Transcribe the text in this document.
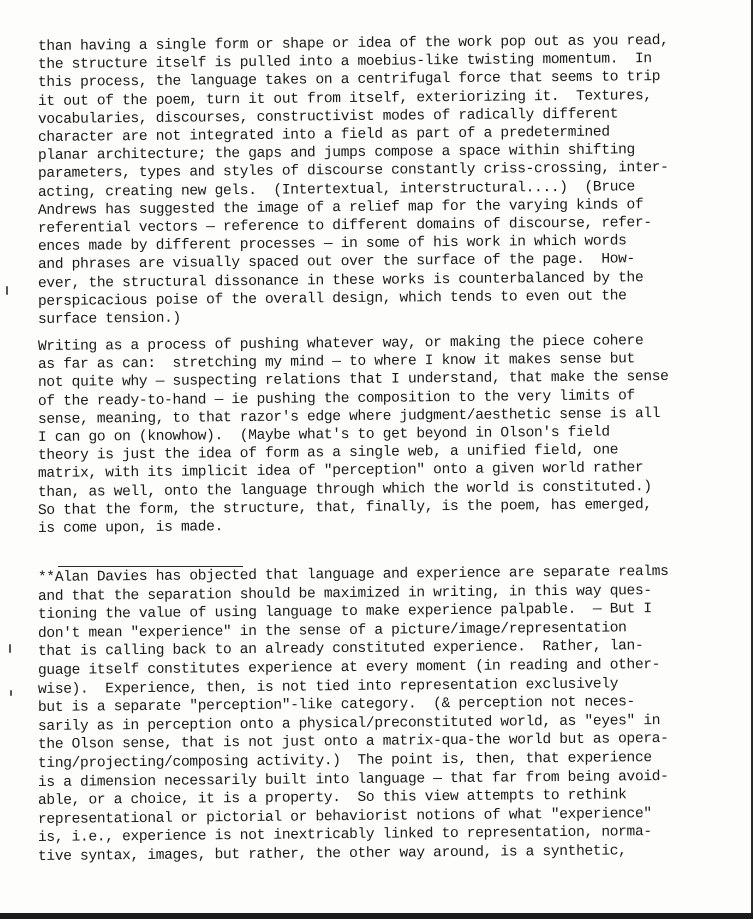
than having a single form or shape or idea of the work pop out as you read,
the structure itself is pulled into a moebius-like twisting momentum.  In
this process, the language takes on a centrifugal force that seems to trip
it out of the poem, turn it out from itself, exteriorizing it.  Textures,
vocabularies, discourses, constructivist modes of radically different
character are not integrated into a field as part of a predetermined
planar architecture; the gaps and jumps compose a space within shifting
parameters, types and styles of discourse constantly criss-crossing, inter-
acting, creating new gels.  (Intertextual, interstructural....)  (Bruce
Andrews has suggested the image of a relief map for the varying kinds of
referential vectors — reference to different domains of discourse, refer-
ences made by different processes — in some of his work in which words
and phrases are visually spaced out over the surface of the page.  How-
ever, the structural dissonance in these works is counterbalanced by the
perspicacious poise of the overall design, which tends to even out the
surface tension.)
Writing as a process of pushing whatever way, or making the piece cohere
as far as can:  stretching my mind — to where I know it makes sense but
not quite why — suspecting relations that I understand, that make the sense
of the ready-to-hand — ie pushing the composition to the very limits of
sense, meaning, to that razor's edge where judgment/aesthetic sense is all
I can go on (knowhow).  (Maybe what's to get beyond in Olson's field
theory is just the idea of form as a single web, a unified field, one
matrix, with its implicit idea of "perception" onto a given world rather
than, as well, onto the language through which the world is constituted.)
So that the form, the structure, that, finally, is the poem, has emerged,
is come upon, is made.
**Alan Davies has objected that language and experience are separate realms
and that the separation should be maximized in writing, in this way ques-
tioning the value of using language to make experience palpable.  — But I
don't mean "experience" in the sense of a picture/image/representation
that is calling back to an already constituted experience.  Rather, lan-
guage itself constitutes experience at every moment (in reading and other-
wise).  Experience, then, is not tied into representation exclusively
but is a separate "perception"-like category.  (& perception not neces-
sarily as in perception onto a physical/preconstituted world, as "eyes" in
the Olson sense, that is not just onto a matrix-qua-the world but as opera-
ting/projecting/composing activity.)  The point is, then, that experience
is a dimension necessarily built into language — that far from being avoid-
able, or a choice, it is a property.  So this view attempts to rethink
representational or pictorial or behaviorist notions of what "experience"
is, i.e., experience is not inextricably linked to representation, norma-
tive syntax, images, but rather, the other way around, is a synthetic,
